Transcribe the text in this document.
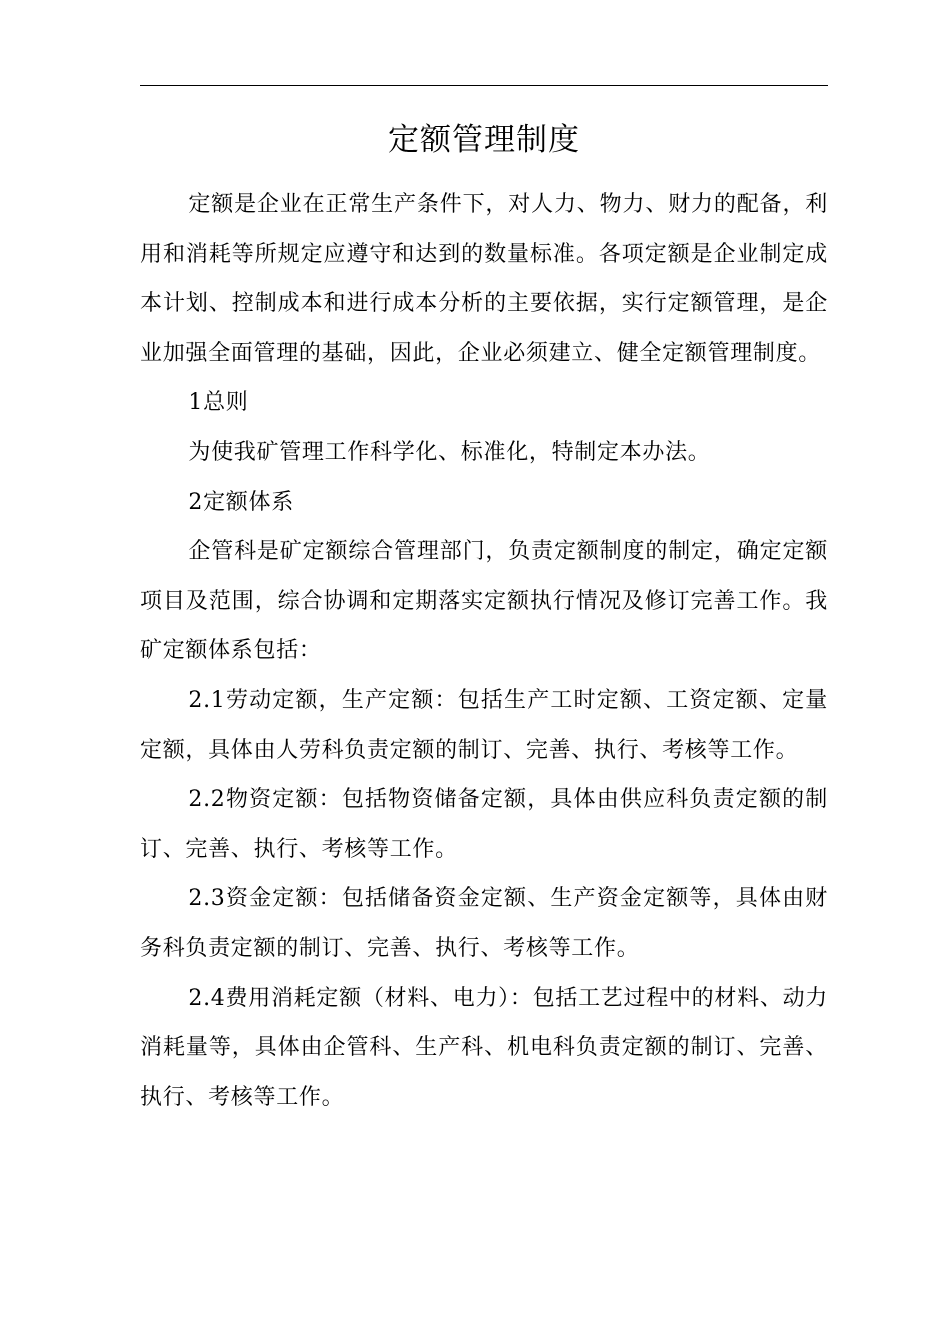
定额管理制度

定额是企业在正常生产条件下，对人力、物力、财力的配备，利用和消耗等所规定应遵守和达到的数量标准。各项定额是企业制定成本计划、控制成本和进行成本分析的主要依据，实行定额管理，是企业加强全面管理的基础，因此，企业必须建立、健全定额管理制度。

1总则

为使我矿管理工作科学化、标准化，特制定本办法。

2定额体系

企管科是矿定额综合管理部门，负责定额制度的制定，确定定额项目及范围，综合协调和定期落实定额执行情况及修订完善工作。我矿定额体系包括：

2.1劳动定额，生产定额：包括生产工时定额、工资定额、定量定额，具体由人劳科负责定额的制订、完善、执行、考核等工作。

2.2物资定额：包括物资储备定额，具体由供应科负责定额的制订、完善、执行、考核等工作。

2.3资金定额：包括储备资金定额、生产资金定额等，具体由财务科负责定额的制订、完善、执行、考核等工作。

2.4费用消耗定额（材料、电力）：包括工艺过程中的材料、动力消耗量等，具体由企管科、生产科、机电科负责定额的制订、完善、执行、考核等工作。
